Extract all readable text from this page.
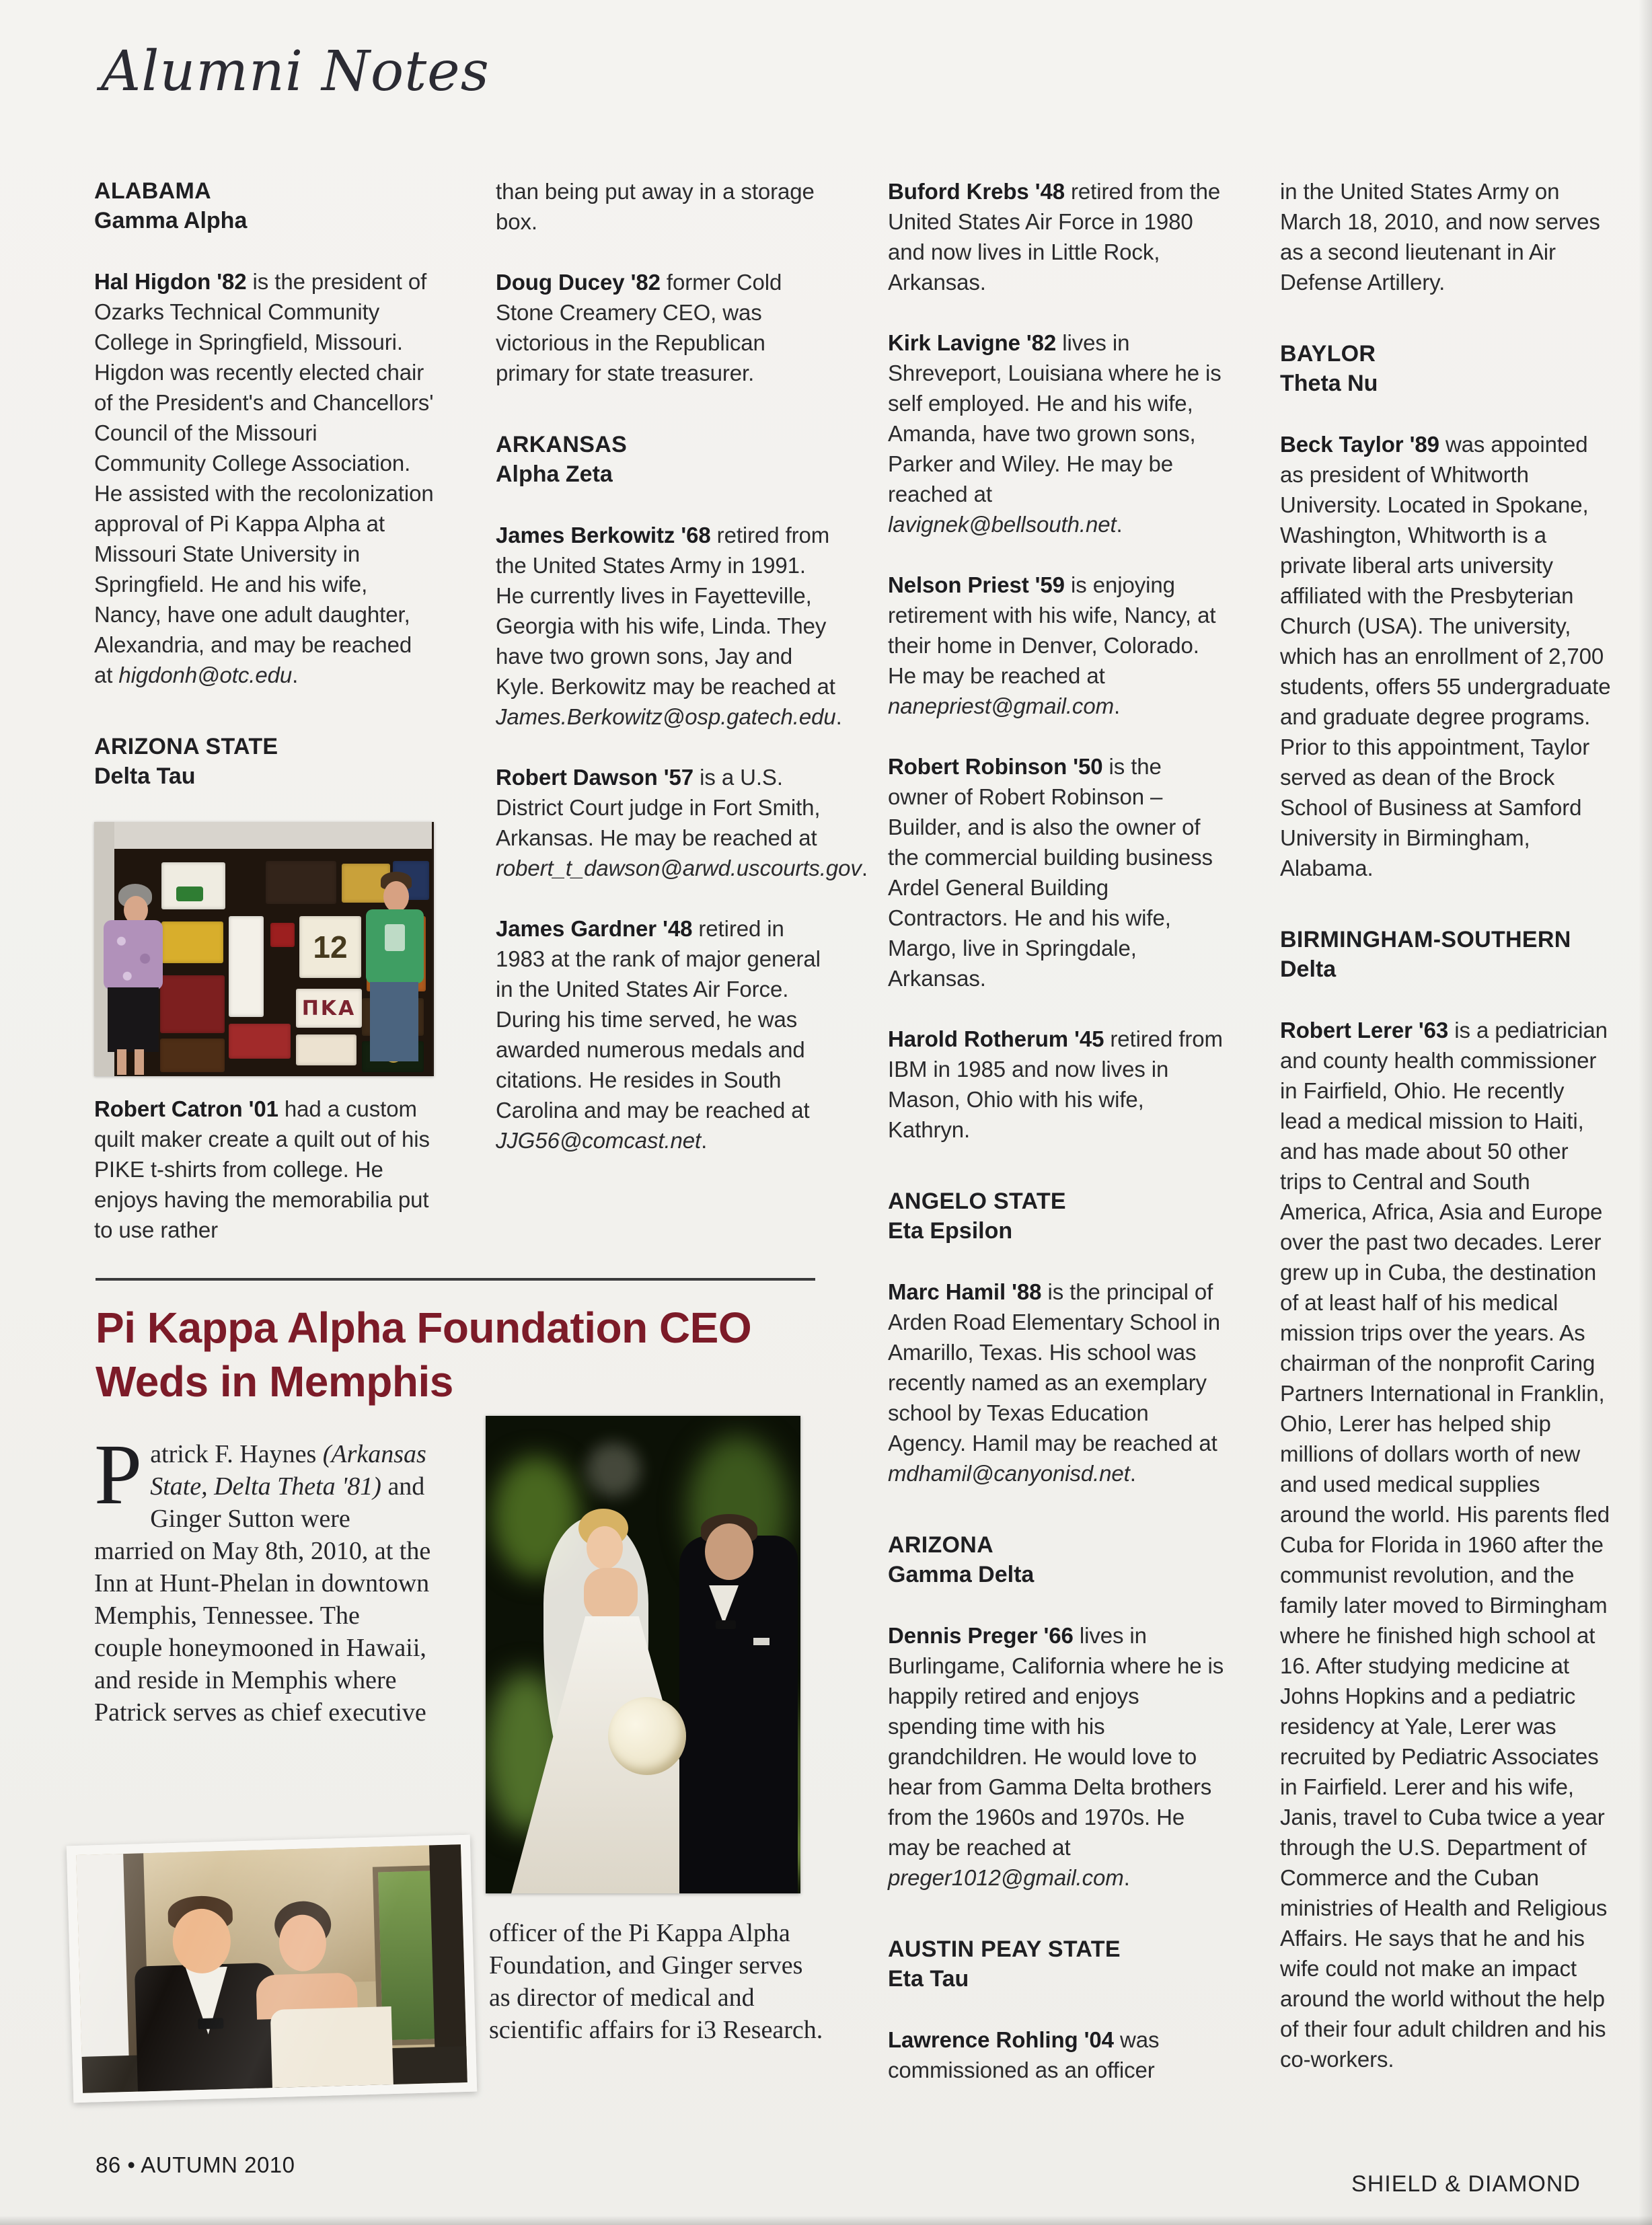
Alumni Notes
ALABAMA
Gamma Alpha

Hal Higdon '82 is the president of Ozarks Technical Community College in Springfield, Missouri. Higdon was recently elected chair of the President's and Chancellors' Council of the Missouri Community College Association. He assisted with the recolonization approval of Pi Kappa Alpha at Missouri State University in Springfield. He and his wife, Nancy, have one adult daughter, Alexandria, and may be reached at higdonh@otc.edu.

ARIZONA STATE
Delta Tau
12
ΠΚΑ

Robert Catron '01 had a custom quilt maker create a quilt out of his PIKE t-shirts from college. He enjoys having the memorabilia put to use rather

than being put away in a storage box.

Doug Ducey '82 former Cold Stone Creamery CEO, was victorious in the Republican primary for state treasurer.

ARKANSAS
Alpha Zeta

James Berkowitz '68 retired from the United States Army in 1991. He currently lives in Fayetteville, Georgia with his wife, Linda. They have two grown sons, Jay and Kyle. Berkowitz may be reached at James.Berkowitz@osp.gatech.edu.

Robert Dawson '57 is a U.S. District Court judge in Fort Smith, Arkansas. He may be reached at robert_t_dawson@arwd.uscourts.gov.

James Gardner '48 retired in 1983 at the rank of major general in the United States Air Force. During his time served, he was awarded numerous medals and citations. He resides in South Carolina and may be reached at JJG56@comcast.net.

Buford Krebs '48 retired from the United States Air Force in 1980 and now lives in Little Rock, Arkansas.

Kirk Lavigne '82 lives in Shreveport, Louisiana where he is self employed. He and his wife, Amanda, have two grown sons, Parker and Wiley. He may be reached at lavignek@bellsouth.net.

Nelson Priest '59 is enjoying retirement with his wife, Nancy, at their home in Denver, Colorado. He may be reached at nanepriest@gmail.com.

Robert Robinson '50 is the owner of Robert Robinson – Builder, and is also the owner of the commercial building business Ardel General Building Contractors. He and his wife, Margo, live in Springdale, Arkansas.

Harold Rotherum '45 retired from IBM in 1985 and now lives in Mason, Ohio with his wife, Kathryn.

ANGELO STATE
Eta Epsilon

Marc Hamil '88 is the principal of Arden Road Elementary School in Amarillo, Texas. His school was recently named as an exemplary school by Texas Education Agency. Hamil may be reached at mdhamil@canyonisd.net.

ARIZONA
Gamma Delta

Dennis Preger '66 lives in Burlingame, California where he is happily retired and enjoys spending time with his grandchildren. He would love to hear from Gamma Delta brothers from the 1960s and 1970s. He may be reached at preger1012@gmail.com.

AUSTIN PEAY STATE
Eta Tau

Lawrence Rohling '04 was commissioned as an officer

in the United States Army on March 18, 2010, and now serves as a second lieutenant in Air Defense Artillery.

BAYLOR
Theta Nu

Beck Taylor '89 was appointed as president of Whitworth University. Located in Spokane, Washington, Whitworth is a private liberal arts university affiliated with the Presbyterian Church (USA). The university, which has an enrollment of 2,700 students, offers 55 undergraduate and graduate degree programs. Prior to this appointment, Taylor served as dean of the Brock School of Business at Samford University in Birmingham, Alabama.

BIRMINGHAM-SOUTHERN
Delta

Robert Lerer '63 is a pediatrician and county health commissioner in Fairfield, Ohio. He recently lead a medical mission to Haiti, and has made about 50 other trips to Central and South America, Africa, Asia and Europe over the past two decades. Lerer grew up in Cuba, the destination of at least half of his medical mission trips over the years. As chairman of the nonprofit Caring Partners International in Franklin, Ohio, Lerer has helped ship millions of dollars worth of new and used medical supplies around the world. His parents fled Cuba for Florida in 1960 after the communist revolution, and the family later moved to Birmingham where he finished high school at 16. After studying medicine at Johns Hopkins and a pediatric residency at Yale, Lerer was recruited by Pediatric Associates in Fairfield. Lerer and his wife, Janis, travel to Cuba twice a year through the U.S. Department of Commerce and the Cuban ministries of Health and Religious Affairs. He says that he and his wife could not make an impact around the world without the help of their four adult children and his co-workers.

Pi Kappa Alpha Foundation CEO Weds in Memphis

Patrick F. Haynes (Arkansas State, Delta Theta '81) and Ginger Sutton were married on May 8th, 2010, at the Inn at Hunt-Phelan in downtown Memphis, Tennessee. The couple honeymooned in Hawaii, and reside in Memphis where Patrick serves as chief executive

officer of the Pi Kappa Alpha Foundation, and Ginger serves as director of medical and scientific affairs for i3 Research.

86 • AUTUMN 2010
SHIELD & DIAMOND
